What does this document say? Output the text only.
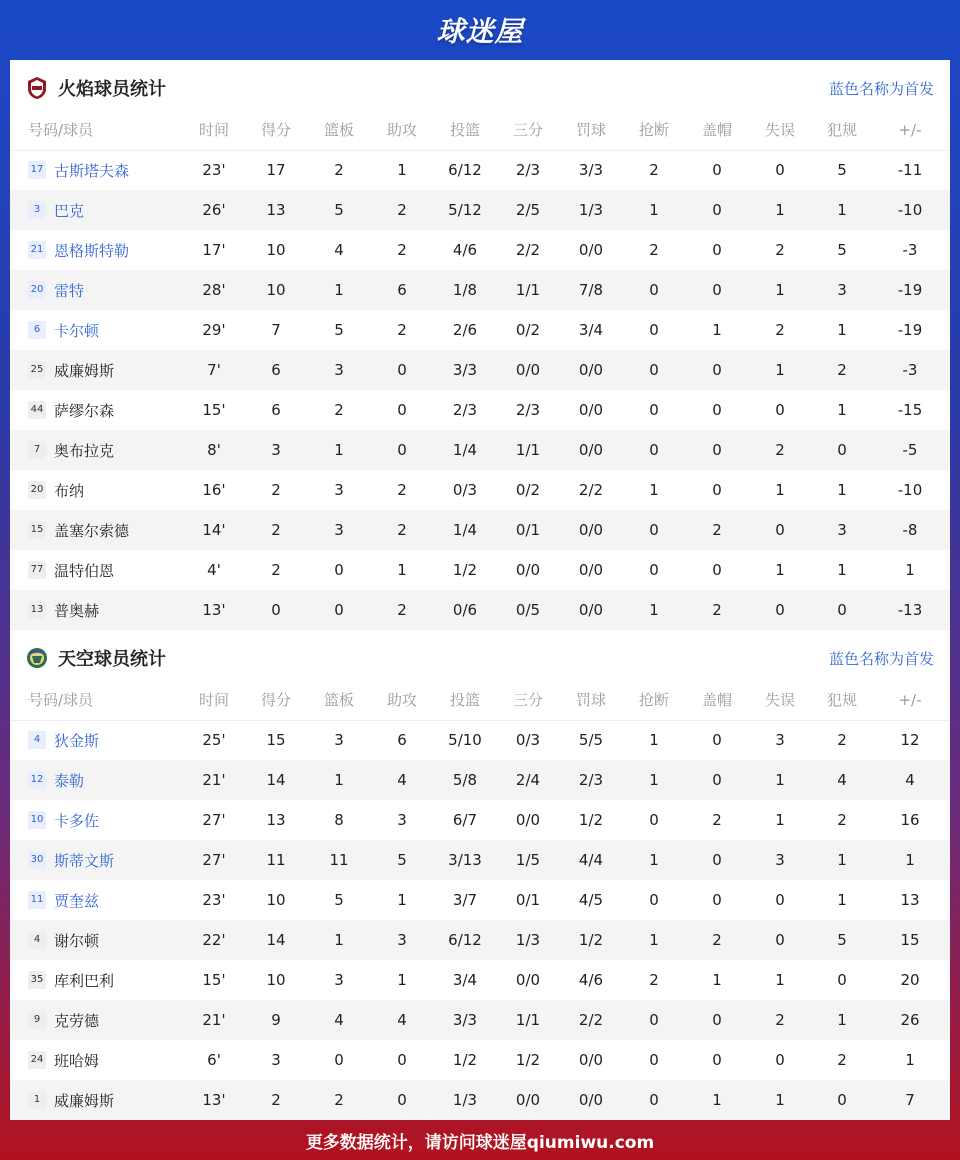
球迷屋
火焰球员统计	蓝色名称为首发
号码/球员	时间	得分	篮板	助攻	投篮	三分	罚球	抢断	盖帽	失误	犯规	+/-
17 古斯塔夫森	23'	17	2	1	6/12	2/3	3/3	2	0	0	5	-11
3 巴克	26'	13	5	2	5/12	2/5	1/3	1	0	1	1	-10
21 恩格斯特勒	17'	10	4	2	4/6	2/2	0/0	2	0	2	5	-3
20 雷特	28'	10	1	6	1/8	1/1	7/8	0	0	1	3	-19
6 卡尔顿	29'	7	5	2	2/6	0/2	3/4	0	1	2	1	-19
25 威廉姆斯	7'	6	3	0	3/3	0/0	0/0	0	0	1	2	-3
44 萨缪尔森	15'	6	2	0	2/3	2/3	0/0	0	0	0	1	-15
7 奥布拉克	8'	3	1	0	1/4	1/1	0/0	0	0	2	0	-5
20 布纳	16'	2	3	2	0/3	0/2	2/2	1	0	1	1	-10
15 盖塞尔索德	14'	2	3	2	1/4	0/1	0/0	0	2	0	3	-8
77 温特伯恩	4'	2	0	1	1/2	0/0	0/0	0	0	1	1	1
13 普奥赫	13'	0	0	2	0/6	0/5	0/0	1	2	0	0	-13
天空球员统计	蓝色名称为首发
号码/球员	时间	得分	篮板	助攻	投篮	三分	罚球	抢断	盖帽	失误	犯规	+/-
4 狄金斯	25'	15	3	6	5/10	0/3	5/5	1	0	3	2	12
12 泰勒	21'	14	1	4	5/8	2/4	2/3	1	0	1	4	4
10 卡多佐	27'	13	8	3	6/7	0/0	1/2	0	2	1	2	16
30 斯蒂文斯	27'	11	11	5	3/13	1/5	4/4	1	0	3	1	1
11 贾奎兹	23'	10	5	1	3/7	0/1	4/5	0	0	0	1	13
4 谢尔顿	22'	14	1	3	6/12	1/3	1/2	1	2	0	5	15
35 库利巴利	15'	10	3	1	3/4	0/0	4/6	2	1	1	0	20
9 克劳德	21'	9	4	4	3/3	1/1	2/2	0	0	2	1	26
24 班哈姆	6'	3	0	0	1/2	1/2	0/0	0	0	0	2	1
1 威廉姆斯	13'	2	2	0	1/3	0/0	0/0	0	1	1	0	7
更多数据统计，请访问球迷屋qiumiwu.com
